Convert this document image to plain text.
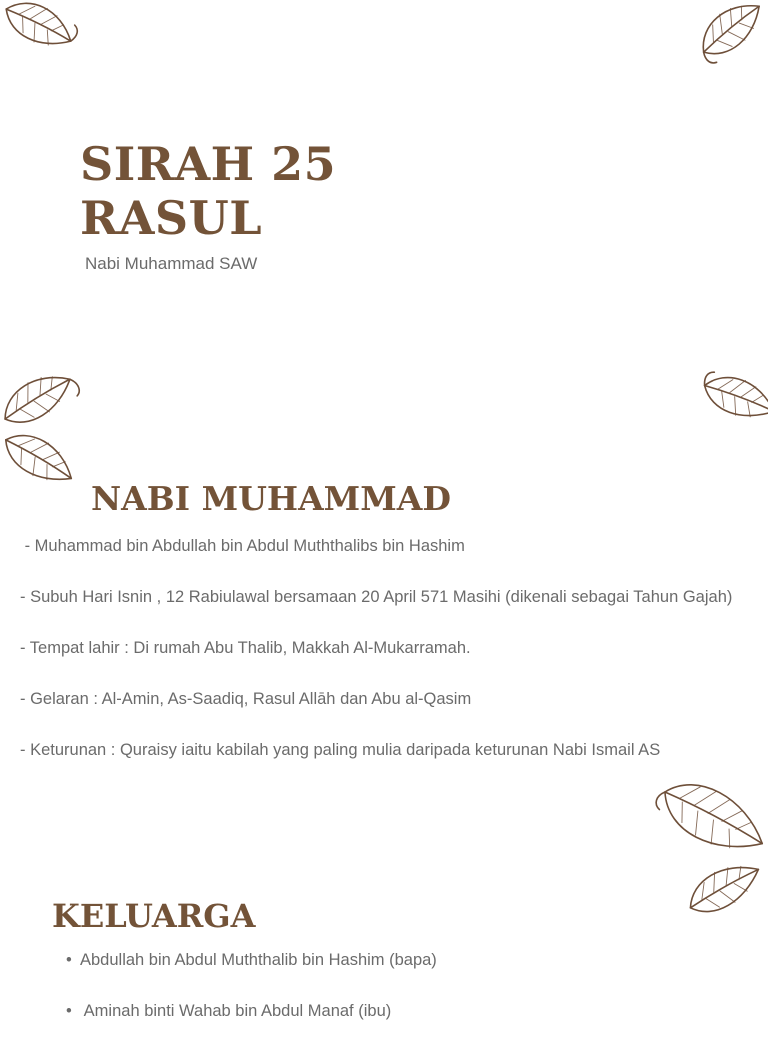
SIRAH 25
RASUL
Nabi Muhammad SAW
NABI MUHAMMAD

- Muhammad bin Abdullah bin Abdul Muththalibs bin Hashim

- Subuh Hari Isnin , 12 Rabiulawal bersamaan 20 April 571 Masihi (dikenali sebagai Tahun Gajah)

- Tempat lahir : Di rumah Abu Thalib, Makkah Al-Mukarramah.

- Gelaran : Al-Amin, As-Saadiq, Rasul Allāh dan Abu al-Qasim

- Keturunan : Quraisy iaitu kabilah yang paling mulia daripada keturunan Nabi Ismail AS

KELUARGA
• Abdullah bin Abdul Muththalib bin Hashim (bapa)
•  Aminah binti Wahab bin Abdul Manaf (ibu)
